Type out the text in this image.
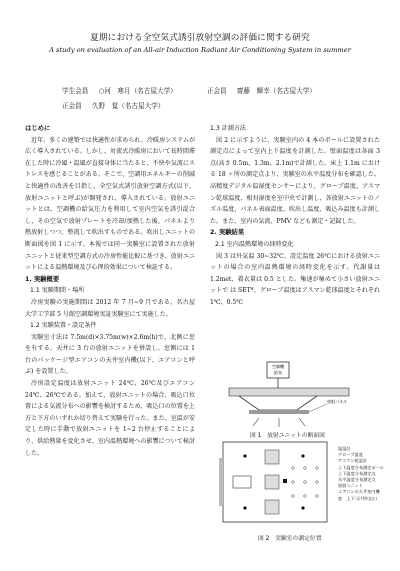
夏期における全空気式誘引放射空調の評価に関する研究
A study on evaluation of an All-air Induction Radiant Air Conditioning System in summer
学生会員 ○河　寒月（名古屋大学）	正会員 齋藤　輝幸（名古屋大学）
正会員 久野　覚（名古屋大学）

はじめに

近年、多くの建築では快適性が求められ、冷暖房システムが広く導入されている。しかし、対流式冷暖房において長時間滞在した時に冷風・温風が直接身体に当たると、不快や気流にストレスを感じることがある。そこで、空調用エネルギーの削減と快適性の改善を目指し、全空気式誘引放射空調方式(以下、放射ユニットと呼ぶ)が開発され、導入されている。放射ユニットとは、空調機の給気圧力を利用して室内空気を誘引混合し、その空気で放射プレートを冷却/加熱した後、パネルより熱放射しつつ、整流して吹出すものである。吹出しユニットの断面図を図 1 に示す。本報では同一実験室に設置された放射ユニットと従来型空調方式の冷房性能比較に基づき、放射ユニットによる温熱環境及び心理的効果について検証する。

1. 実験概要

1.1 実験期間・場所

冷房実験の実施期間は 2012 年 7 月~9 月である。名古屋大学工学部 5 号館空調環境実証実験室にて実施した。

1.2 実験装置・設定条件

実験室寸法は 7.5m(d)×3.75m(w)×2.6m(h)で、北側に窓を有する。天井に 3 台の放射ユニットを併設し、窓側には 1 台のパッケージ型エアコンの天井室内機(以下、エアコンと呼ぶ) を設置した。

冷房設定温度は放射ユニット 24℃、26℃及びエアコン 24℃、26℃である。加えて、放射ユニットの場合、吸込口位置による気流分布への影響を検討するため、吸込口の位置を上方と下方のいずれか切り替えて実験を行った。また、室温が安定した時に手動で放射ユニットを 1~2 台停止することにより、供給熱量を変化させ、室内温熱環境への影響について検討した。

1.3 計測方法

図 2 に示すように、実験室内の 4 本のポールに設置された測定点によって室内上下温度を計測した。壁面温度は各面 3 点(高さ 0.5m、1.3m、2.1m)で計測した。床上 1.1m における 18 ヶ所の測定点より、実験室の水平温度分布を確認した。高精度デジタル温湿度センサーにより、グローブ温度、アスマン乾球温度、相対湿度を室中央で計測し、各放射ユニットのノズル温度、パネル表面温度、吹出し温度、吸込み温度も計測した。また、室内の気流、PMV なども測定・記録した。

2. 実験結果

2.1 室内温熱環境の経時変化

図 3 は外気温 30~32℃、設定温度 26℃における放射ユニットの場合の室内温熱環境の経時変化を示す。代謝量は 1.2met、着衣量は 0.5 とした。集速が極めて小さい放射ユニットで は SET*、グローブ温度はアスマン乾球温度とそれぞれ 1℃、0.5℃

空調機
給気
放射パネル
図 1　放射ユニットの断面図
温湿計
グローブ温度
アスマン乾湿計
上下温度分布測定ポール
上下温度分布測定点
水平温度分布測定点
放射ユニット
エアコンの天井室内機
窓　上下:天井吹出口
図 2　実験室の測定位置
